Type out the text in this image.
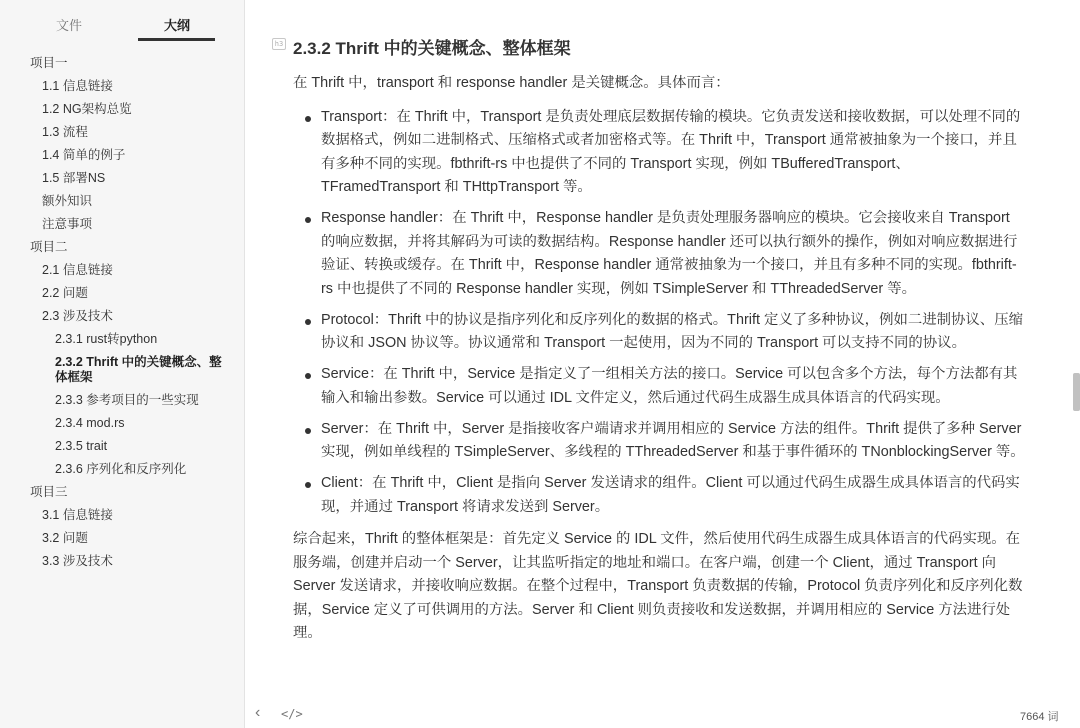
文件	大纲
项目一
1.1 信息链接
1.2 NG架构总览
1.3 流程
1.4 简单的例子
1.5 部署NS
额外知识
注意事项
项目二
2.1 信息链接
2.2 问题
2.3 涉及技术
2.3.1 rust转python
2.3.2 Thrift 中的关键概念、整体框架
2.3.3 参考项目的一些实现
2.3.4 mod.rs
2.3.5 trait
2.3.6 序列化和反序列化
项目三
3.1 信息链接
3.2 问题
3.3 涉及技术
h3 2.3.2 Thrift 中的关键概念、整体框架

在 Thrift 中，transport 和 response handler 是关键概念。具体而言：

Transport：在 Thrift 中，Transport 是负责处理底层数据传输的模块。它负责发送和接收数据，可以处理不同的数据格式，例如二进制格式、压缩格式或者加密格式等。在 Thrift 中，Transport 通常被抽象为一个接口，并且有多种不同的实现。fbthrift-rs 中也提供了不同的 Transport 实现，例如 TBufferedTransport、TFramedTransport 和 THttpTransport 等。
Response handler：在 Thrift 中，Response handler 是负责处理服务器响应的模块。它会接收来自 Transport 的响应数据，并将其解码为可读的数据结构。Response handler 还可以执行额外的操作，例如对响应数据进行验证、转换或缓存。在 Thrift 中，Response handler 通常被抽象为一个接口，并且有多种不同的实现。fbthrift-rs 中也提供了不同的 Response handler 实现，例如 TSimpleServer 和 TThreadedServer 等。
Protocol：Thrift 中的协议是指序列化和反序列化的数据的格式。Thrift 定义了多种协议，例如二进制协议、压缩协议和 JSON 协议等。协议通常和 Transport 一起使用，因为不同的 Transport 可以支持不同的协议。
Service：在 Thrift 中，Service 是指定义了一组相关方法的接口。Service 可以包含多个方法，每个方法都有其输入和输出参数。Service 可以通过 IDL 文件定义，然后通过代码生成器生成具体语言的代码实现。
Server：在 Thrift 中，Server 是指接收客户端请求并调用相应的 Service 方法的组件。Thrift 提供了多种 Server 实现，例如单线程的 TSimpleServer、多线程的 TThreadedServer 和基于事件循环的 TNonblockingServer 等。
Client：在 Thrift 中，Client 是指向 Server 发送请求的组件。Client 可以通过代码生成器生成具体语言的代码实现，并通过 Transport 将请求发送到 Server。

综合起来，Thrift 的整体框架是：首先定义 Service 的 IDL 文件，然后使用代码生成器生成具体语言的代码实现。在服务端，创建并启动一个 Server，让其监听指定的地址和端口。在客户端，创建一个 Client，通过 Transport 向 Server 发送请求，并接收响应数据。在整个过程中，Transport 负责数据的传输，Protocol 负责序列化和反序列化数据，Service 定义了可供调用的方法。Server 和 Client 则负责接收和发送数据，并调用相应的 Service 方法进行处理。

‹ </>	7664 词
